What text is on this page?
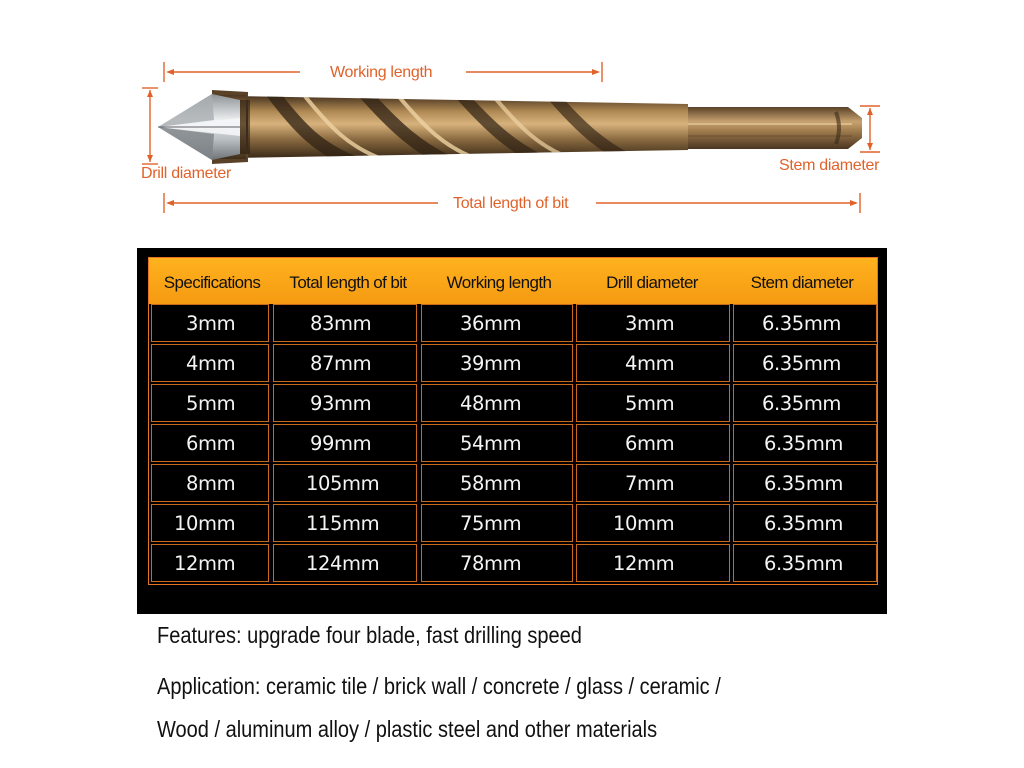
Working length
Drill diameter	Stem diameter
Total length of bit
Specifications	Total length of bit	Working length	Drill diameter	Stem diameter
3mm	83mm	36mm	3mm	6.35mm
4mm	87mm	39mm	4mm	6.35mm
5mm	93mm	48mm	5mm	6.35mm
6mm	99mm	54mm	6mm	6.35mm
8mm	105mm	58mm	7mm	6.35mm
10mm	115mm	75mm	10mm	6.35mm
12mm	124mm	78mm	12mm	6.35mm
Features: upgrade four blade, fast drilling speed
Application: ceramic tile / brick wall / concrete / glass / ceramic /
Wood / aluminum alloy / plastic steel and other materials
